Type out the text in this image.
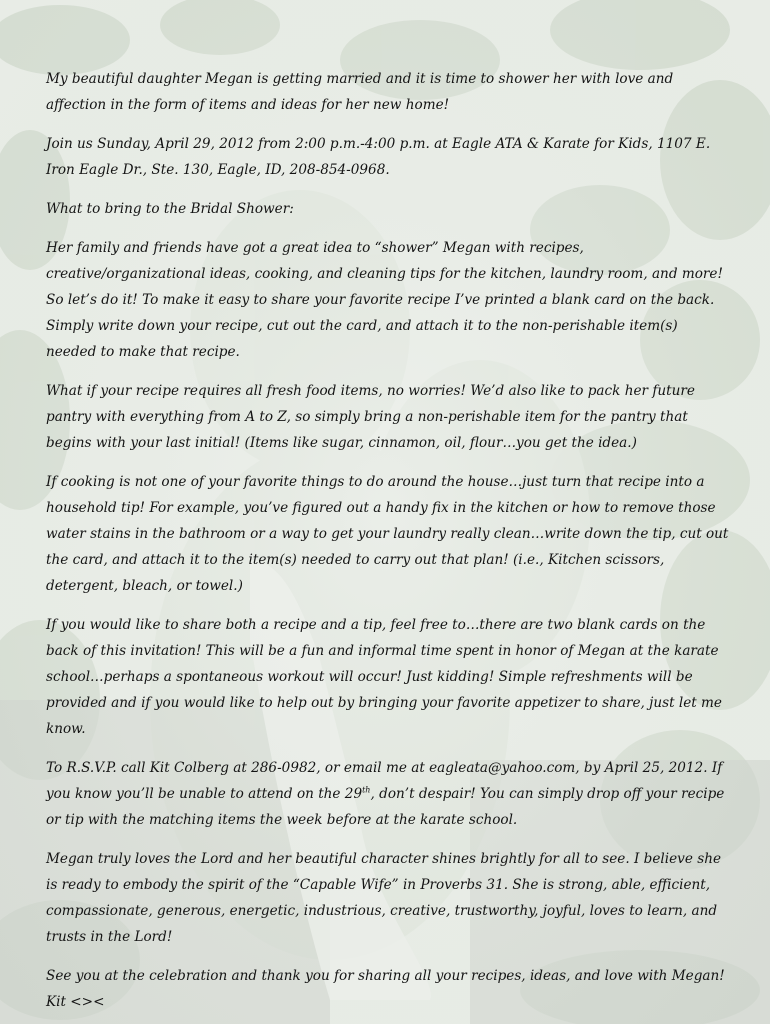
My beautiful daughter Megan is getting married and it is time to shower her with love and affection in the form of items and ideas for her new home!

Join us Sunday, April 29, 2012 from 2:00 p.m.-4:00 p.m. at Eagle ATA & Karate for Kids, 1107 E. Iron Eagle Dr., Ste. 130, Eagle, ID, 208-854-0968.

What to bring to the Bridal Shower:

Her family and friends have got a great idea to “shower” Megan with recipes, creative/organizational ideas, cooking, and cleaning tips for the kitchen, laundry room, and more! So let’s do it! To make it easy to share your favorite recipe I’ve printed a blank card on the back. Simply write down your recipe, cut out the card, and attach it to the non-perishable item(s) needed to make that recipe.

What if your recipe requires all fresh food items, no worries! We’d also like to pack her future pantry with everything from A to Z, so simply bring a non-perishable item for the pantry that begins with your last initial! (Items like sugar, cinnamon, oil, flour…you get the idea.)

If cooking is not one of your favorite things to do around the house…just turn that recipe into a household tip! For example, you’ve figured out a handy fix in the kitchen or how to remove those water stains in the bathroom or a way to get your laundry really clean…write down the tip, cut out the card, and attach it to the item(s) needed to carry out that plan! (i.e., Kitchen scissors, detergent, bleach, or towel.)

If you would like to share both a recipe and a tip, feel free to…there are two blank cards on the back of this invitation! This will be a fun and informal time spent in honor of Megan at the karate school…perhaps a spontaneous workout will occur! Just kidding! Simple refreshments will be provided and if you would like to help out by bringing your favorite appetizer to share, just let me know.

To R.S.V.P. call Kit Colberg at 286-0982, or email me at eagleata@yahoo.com, by April 25, 2012. If you know you’ll be unable to attend on the 29th, don’t despair! You can simply drop off your recipe or tip with the matching items the week before at the karate school.

Megan truly loves the Lord and her beautiful character shines brightly for all to see. I believe she is ready to embody the spirit of the “Capable Wife” in Proverbs 31. She is strong, able, efficient, compassionate, generous, energetic, industrious, creative, trustworthy, joyful, loves to learn, and trusts in the Lord!

See you at the celebration and thank you for sharing all your recipes, ideas, and love with Megan!

Kit <><
